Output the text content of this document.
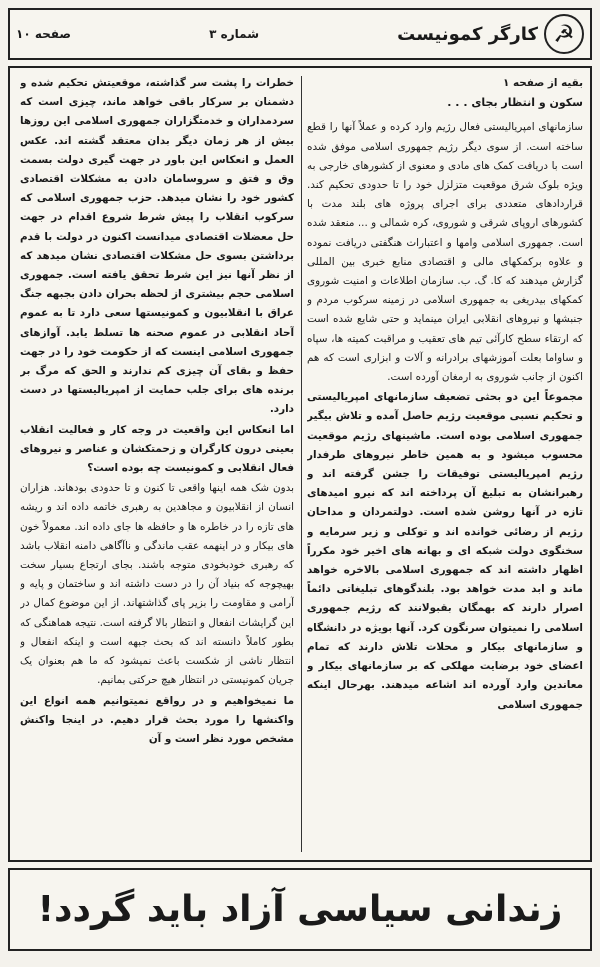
☭
کارگر کمونیست
شماره ۳
صفحه ۱۰
بقیه از صفحه ۱
سکون و انتظار بجای . . .

سازمانهای امپریالیستی فعال رژیم وارد کرده و عملاً آنها را قطع ساخته است. از سوی دیگر رژیم جمهوری اسلامی موفق شده است با دریافت کمک های مادی و معنوی از کشورهای خارجی به ویژه بلوک شرق موقعیت متزلزل خود را تا حدودی تحکیم کند. قراردادهای متعددی برای اجرای پروژه های بلند مدت با کشورهای اروپای شرقی و شوروی، کره شمالی و ... منعقد شده است. جمهوری اسلامی وامها و اعتبارات هنگفتی دریافت نموده و علاوه برکمکهای مالی و اقتصادی منابع خبری بین المللی گزارش میدهند که کا. گ. ب. سازمان اطلاعات و امنیت شوروی کمکهای بیدریغی به جمهوری اسلامی در زمینه سرکوب مردم و جنبشها و نیروهای انقلابی ایران مینماید و حتی شایع شده است که ارتقاء سطح کارآئی تیم های تعقیب و مراقبت کمیته ها، سپاه و ساواما بعلت آموزشهای برادرانه و آلات و ابزاری است که هم اکنون از جانب شوروی به ارمغان آورده است.

مجموعاً این دو بحثی تضعیف سازمانهای امپریالیستی و تحکیم نسبی موقعیت رژیم حاصل آمده و تلاش بیگیر جمهوری اسلامی بوده است. ماشینهای رژیم موقعیت محسوب میشود و به همین خاطر نیروهای طرفدار رژیم امپریالیستی توفیقات را جشن گرفته اند و رهبرانشان به تبلیغ آن پرداخته اند که نیرو امیدهای تازه در آنها روشن شده است. دولتمردان و مداحان رژیم از رضائی خوانده اند و توکلی و زیر سرمایه و سخنگوی دولت شبکه ای و بهانه های اخیر خود مکرراً اظهار داشته اند که جمهوری اسلامی بالاخره خواهد ماند و ابد مدت خواهد بود. بلندگوهای تبلیغاتی دائماً اصرار دارند که بهمگان بقبولانند که رژیم جمهوری اسلامی را نمیتوان سرنگون کرد. آنها بویژه در دانشگاه و سازمانهای بیکار و محلات تلاش دارند که تمام اعضای خود برضایت مهلکی که بر سازمانهای بیکار و معاندین وارد آورده اند اشاعه میدهند. بهرحال اینکه جمهوری اسلامی

خطرات را پشت سر گذاشته، موقعیتش تحکیم شده و دشمنان بر سرکار باقی خواهد ماند، چیزی است که سردمداران و خدمتگزاران جمهوری اسلامی این روزها بیش از هر زمان دیگر بدان معتقد گشته اند. عکس العمل و انعکاس این باور در جهت گیری دولت بسمت وق و فتق و سروسامان دادن به مشکلات اقتصادی کشور خود را نشان میدهد. حزب جمهوری اسلامی که سرکوب انقلاب را پیش شرط شروع اقدام در جهت حل معضلات اقتصادی میدانست اکنون در دولت با قدم برداشتن بسوی حل مشکلات اقتصادی نشان میدهد که از نظر آنها نیز این شرط تحقق یافته است. جمهوری اسلامی حجم بیشتری از لحظه بحران دادن بجبهه جنگ عراق با انقلابیون و کمونیستها سعی دارد تا به عموم آحاد انقلابی در عموم صحنه ها تسلط یابد. آوازهای جمهوری اسلامی اینست که از حکومت خود را در جهت حفظ و بقای آن چیزی کم ندارند و الحق که مرگ بر برنده های برای جلب حمایت از امپریالیستها در دست دارد.

اما انعکاس این واقعیت در وجه کار و فعالیت انقلاب بعینی درون کارگران و زحمتکشان و عناصر و نیروهای فعال انقلابی و کمونیست چه بوده است؟

بدون شک همه اینها واقعی تا کنون و تا حدودی بودهاند. هزاران انسان از انقلابیون و مجاهدین به رهبری خاتمه داده اند و ریشه های تازه را در خاطره ها و حافظه ها جای داده اند. معمولاً خون های بیکار و در اینهمه عقب ماندگی و ناآگاهی دامنه انقلاب باشد که رهبری خودبخودی متوجه باشند. بجای ارتجاع بسیار سخت بهیچوجه که بنیاد آن را در دست داشته اند و ساختمان و پایه و آرامی و مقاومت را بزیر پای گذاشتهاند. از این موضوع کمال در این گرایشات انفعال و انتظار بالا گرفته است. نتیجه هماهنگی که بطور کاملاً دانسته اند که بحث جبهه است و اینکه انفعال و انتظار ناشی از شکست باعث نمیشود که ما هم بعنوان یک جریان کمونیستی در انتظار هیچ حرکتی بمانیم.

ما نمیخواهیم و در رواقع نمیتوانیم همه انواع این واکنشها را مورد بحث قرار دهیم. در اینجا واکنش مشخص مورد نظر است و آن

زندانی سیاسی آزاد باید گردد!
